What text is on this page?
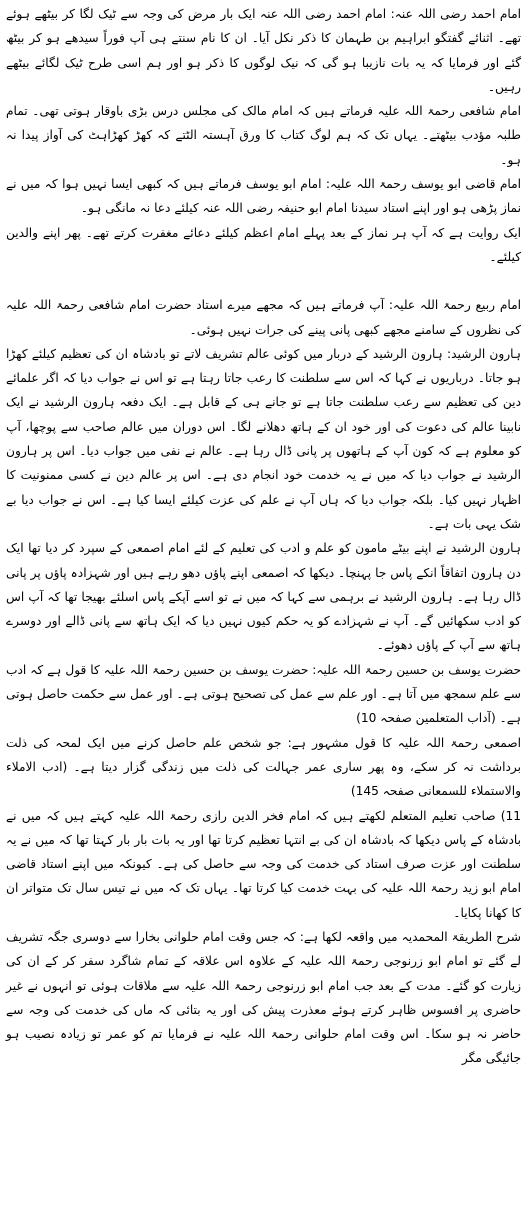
امام احمد رضی اللہ عنہ: امام احمد رضی اللہ عنہ ایک بار مرض کی وجہ سے ٹیک لگا کر بیٹھے ہوئے تھے۔ اثنائے گفتگو ابراہیم بن طہمان کا ذکر نکل آیا۔ ان کا نام سنتے ہی آپ فوراً سیدھے ہو کر بیٹھ گئے اور فرمایا کہ یہ بات نازیبا ہو گی کہ نیک لوگوں کا ذکر ہو اور ہم اسی طرح ٹیک لگائے بیٹھے رہیں۔

امام شافعی رحمۃ اللہ علیہ فرماتے ہیں کہ امام مالک کی مجلس درس بڑی باوقار ہوتی تھی۔ تمام طلبہ مؤدب بیٹھتے۔ یہاں تک کہ ہم لوگ کتاب کا ورق آہستہ الٹتے کہ کھڑ کھڑاہٹ کی آواز پیدا نہ ہو۔

امام قاضی ابو یوسف رحمۃ اللہ علیہ: امام ابو یوسف فرماتے ہیں کہ کبھی ایسا نہیں ہوا کہ میں نے نماز پڑھی ہو اور اپنے استاد سیدنا امام ابو حنیفہ رضی اللہ عنہ کیلئے دعا نہ مانگی ہو۔

ایک روایت ہے کہ آپ ہر نماز کے بعد پہلے امام اعظم کیلئے دعائے مغفرت کرتے تھے۔ پھر اپنے والدین کیلئے۔

امام ربیع رحمۃ اللہ علیہ: آپ فرماتے ہیں کہ مجھے میرے استاد حضرت امام شافعی رحمۃ اللہ علیہ کی نظروں کے سامنے مجھے کبھی پانی پینے کی جرات نہیں ہوئی۔

ہارون الرشید: ہارون الرشید کے دربار میں کوئی عالم تشریف لاتے تو بادشاہ ان کی تعظیم کیلئے کھڑا ہو جاتا۔ درباریوں نے کہا کہ اس سے سلطنت کا رعب جاتا رہتا ہے تو اس نے جواب دیا کہ اگر علمائے دین کی تعظیم سے رعب سلطنت جاتا ہے تو جانے ہی کے قابل ہے۔ ایک دفعہ ہارون الرشید نے ایک نابینا عالم کی دعوت کی اور خود ان کے ہاتھ دھلانے لگا۔ اس دوران میں عالم صاحب سے پوچھا، آپ کو معلوم ہے کہ کون آپ کے ہاتھوں پر پانی ڈال رہا ہے۔ عالم نے نفی میں جواب دیا۔ اس پر ہارون الرشید نے جواب دیا کہ میں نے یہ خدمت خود انجام دی ہے۔ اس پر عالم دین نے کسی ممنونیت کا اظہار نہیں کیا۔ بلکہ جواب دیا کہ ہاں آپ نے علم کی عزت کیلئے ایسا کیا ہے۔ اس نے جواب دیا بے شک یہی بات ہے۔

ہارون الرشید نے اپنے بیٹے مامون کو علم و ادب کی تعلیم کے لئے امام اصمعی کے سپرد کر دیا تھا ایک دن ہارون اتفاقاً انکے پاس جا پہنچا۔ دیکھا کہ اصمعی اپنے پاؤں دھو رہے ہیں اور شہزادہ پاؤں پر پانی ڈال رہا ہے۔ ہارون الرشید نے برہمی سے کہا کہ میں نے تو اسے آپکے پاس اسلئے بھیجا تھا کہ آپ اس کو ادب سکھائیں گے۔ آپ نے شہزادے کو یہ حکم کیوں نہیں دیا کہ ایک ہاتھ سے پانی ڈالے اور دوسرے ہاتھ سے آپ کے پاؤں دھوئے۔

حضرت یوسف بن حسین رحمۃ اللہ علیہ: حضرت یوسف بن حسین رحمۃ اللہ علیہ کا قول ہے کہ ادب سے علم سمجھ میں آتا ہے۔ اور علم سے عمل کی تصحیح ہوتی ہے۔ اور عمل سے حکمت حاصل ہوتی ہے۔ (آداب المتعلمین صفحہ 10)

اصمعی رحمۃ اللہ علیہ کا قول مشہور ہے: جو شخص علم حاصل کرنے میں ایک لمحہ کی ذلت برداشت نہ کر سکے، وہ پھر ساری عمر جہالت کی ذلت میں زندگی گزار دیتا ہے۔ (ادب الاملاء والاستملاء للسمعانی صفحہ 145)

11) صاحب تعلیم المتعلم لکھتے ہیں کہ امام فخر الدین رازی رحمۃ اللہ علیہ کہتے ہیں کہ میں نے بادشاہ کے پاس دیکھا کہ بادشاہ ان کی بے انتہا تعظیم کرتا تھا اور یہ بات بار بار کہتا تھا کہ میں نے یہ سلطنت اور عزت صرف استاد کی خدمت کی وجہ سے حاصل کی ہے۔ کیونکہ میں اپنے استاد قاضی امام ابو زید رحمۃ اللہ علیہ کی بہت خدمت کیا کرتا تھا۔ یہاں تک کہ میں نے تیس سال تک متواتر ان کا کھانا پکایا۔

شرح الطریقۃ المحمدیہ میں واقعہ لکھا ہے: کہ جس وقت امام حلوانی بخارا سے دوسری جگہ تشریف لے گئے تو امام ابو زرنوجی رحمۃ اللہ علیہ کے علاوہ اس علاقہ کے تمام شاگرد سفر کر کے ان کی زیارت کو گئے۔ مدت کے بعد جب امام ابو زرنوجی رحمۃ اللہ علیہ سے ملاقات ہوئی تو انہوں نے غیر حاضری پر افسوس ظاہر کرتے ہوئے معذرت پیش کی اور یہ بتائی کہ ماں کی خدمت کی وجہ سے حاضر نہ ہو سکا۔ اس وقت امام حلوانی رحمۃ اللہ علیہ نے فرمایا تم کو عمر تو زیادہ نصیب ہو جائیگی مگر
